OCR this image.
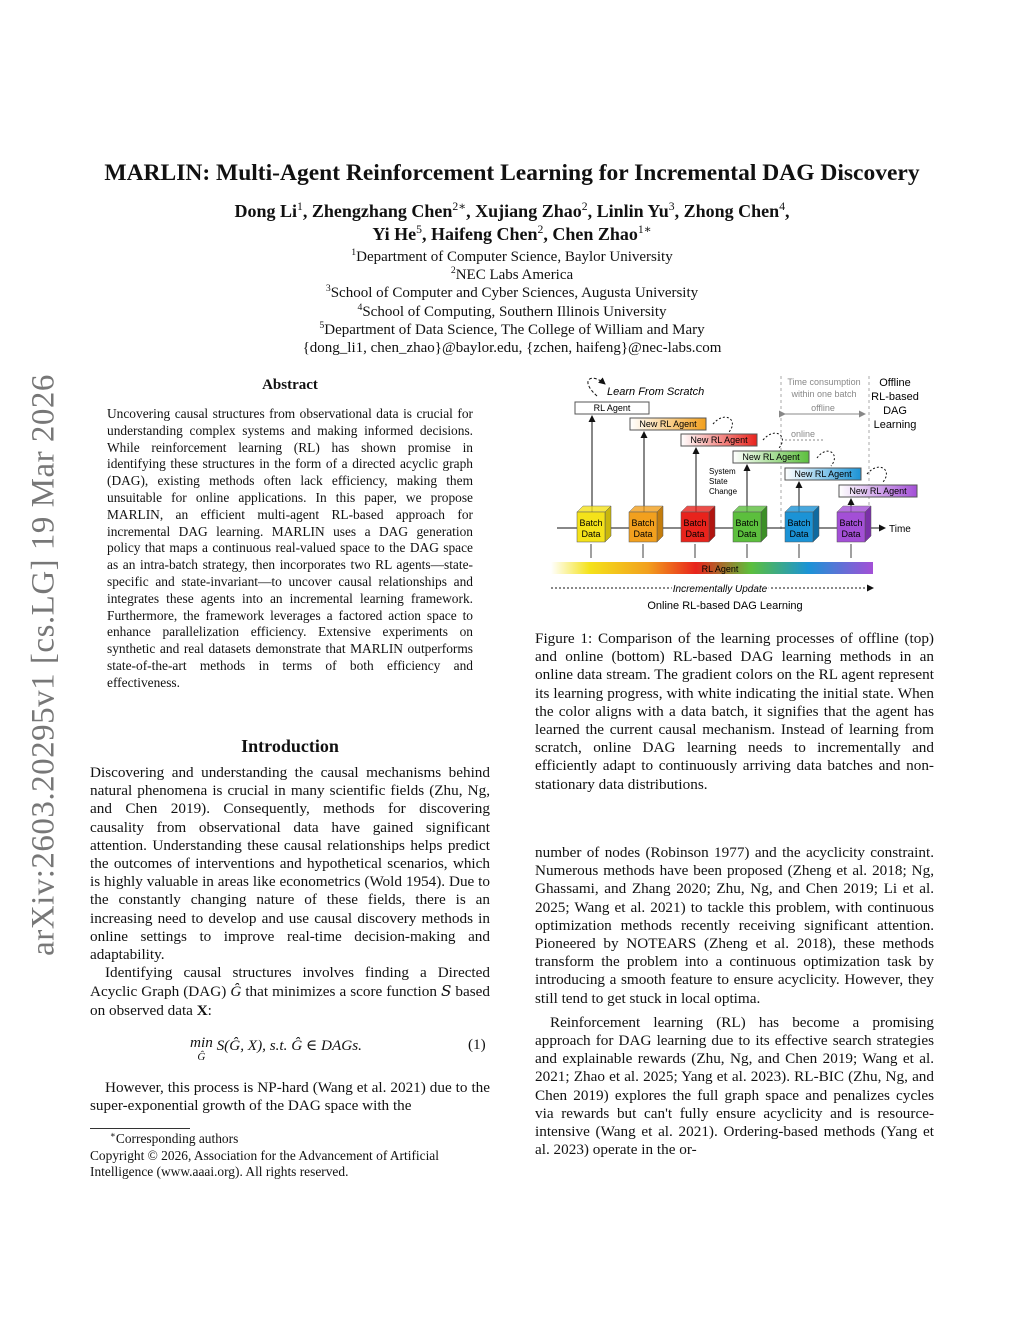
arXiv:2603.20295v1 [cs.LG] 19 Mar 2026
MARLIN: Multi-Agent Reinforcement Learning for Incremental DAG Discovery
Dong Li$^1$, Zhengzhang Chen$^{2∗}$, Xujiang Zhao$^2$, Linlin Yu$^3$, Zhong Chen$^4$,
Yi He$^5$, Haifeng Chen$^2$, Chen Zhao$^{1∗}$
$^1$Department of Computer Science, Baylor University
$^2$NEC Labs America
$^3$School of Computer and Cyber Sciences, Augusta University
$^4$School of Computing, Southern Illinois University
$^5$Department of Data Science, The College of William and Mary
{dong_li1, chen_zhao}@baylor.edu, {zchen, haifeng}@nec-labs.com
Abstract
Uncovering causal structures from observational data is crucial for understanding complex systems and making informed decisions. While reinforcement learning (RL) has shown promise in identifying these structures in the form of a directed acyclic graph (DAG), existing methods often lack efficiency, making them unsuitable for online applications. In this paper, we propose MARLIN, an efficient multi-agent RL-based approach for incremental DAG learning. MARLIN uses a DAG generation policy that maps a continuous real-valued space to the DAG space as an intra-batch strategy, then incorporates two RL agents—state-specific and state-invariant—to uncover causal relationships and integrates these agents into an incremental learning framework. Furthermore, the framework leverages a factored action space to enhance parallelization efficiency. Extensive experiments on synthetic and real datasets demonstrate that MARLIN outperforms state-of-the-art methods in terms of both efficiency and effectiveness.
Introduction

Discovering and understanding the causal mechanisms behind natural phenomena is crucial in many scientific fields (Zhu, Ng, and Chen 2019). Consequently, methods for discovering causality from observational data have gained significant attention. Understanding these causal relationships helps predict the outcomes of interventions and hypothetical scenarios, which is highly valuable in areas like econometrics (Wold 1954). Due to the constantly changing nature of these fields, there is an increasing need to develop and use causal discovery methods in online settings to improve real-time decision-making and adaptability.

Identifying causal structures involves finding a Directed Acyclic Graph (DAG) Ĝ that minimizes a score function S based on observed data X:

min
Ĝ S(Ĝ, X), s.t. Ĝ ∈ DAGs.	(1)
However, this process is NP-hard (Wang et al. 2021) due to the super-exponential growth of the DAG space with the
∗Corresponding authors
Copyright © 2026, Association for the Advancement of Artificial Intelligence (www.aaai.org). All rights reserved.
Time consumption
within one batch
offline
online
Offline
RL-based
DAG
Learning
Learn From Scratch
RL Agent
New RL Agent
New RL Agent
New RL Agent
New RL Agent
New RL Agent
System
State
Change
Time
Batch
Data
Batch
Data
Batch
Data
Batch
Data
Batch
Data
Batch
Data
RL Agent
Incrementally Update
Online RL-based DAG Learning
Figure 1: Comparison of the learning processes of offline (top) and online (bottom) RL-based DAG learning methods in an online data stream. The gradient colors on the RL agent represent its learning progress, with white indicating the initial state. When the color aligns with a data batch, it signifies that the agent has learned the current causal mechanism. Instead of learning from scratch, online DAG learning needs to incrementally and efficiently adapt to continuously arriving data batches and non-stationary data distributions.

number of nodes (Robinson 1977) and the acyclicity constraint. Numerous methods have been proposed (Zheng et al. 2018; Ng, Ghassami, and Zhang 2020; Zhu, Ng, and Chen 2019; Li et al. 2025; Wang et al. 2021) to tackle this problem, with continuous optimization methods recently receiving significant attention. Pioneered by NOTEARS (Zheng et al. 2018), these methods transform the problem into a continuous optimization task by introducing a smooth feature to ensure acyclicity. However, they still tend to get stuck in local optima.

Reinforcement learning (RL) has become a promising approach for DAG learning due to its effective search strategies and explainable rewards (Zhu, Ng, and Chen 2019; Wang et al. 2021; Zhao et al. 2025; Yang et al. 2023). RL-BIC (Zhu, Ng, and Chen 2019) explores the full graph space and penalizes cycles via rewards but can't fully ensure acyclicity and is resource-intensive (Wang et al. 2021). Ordering-based methods (Yang et al. 2023) operate in the or-
